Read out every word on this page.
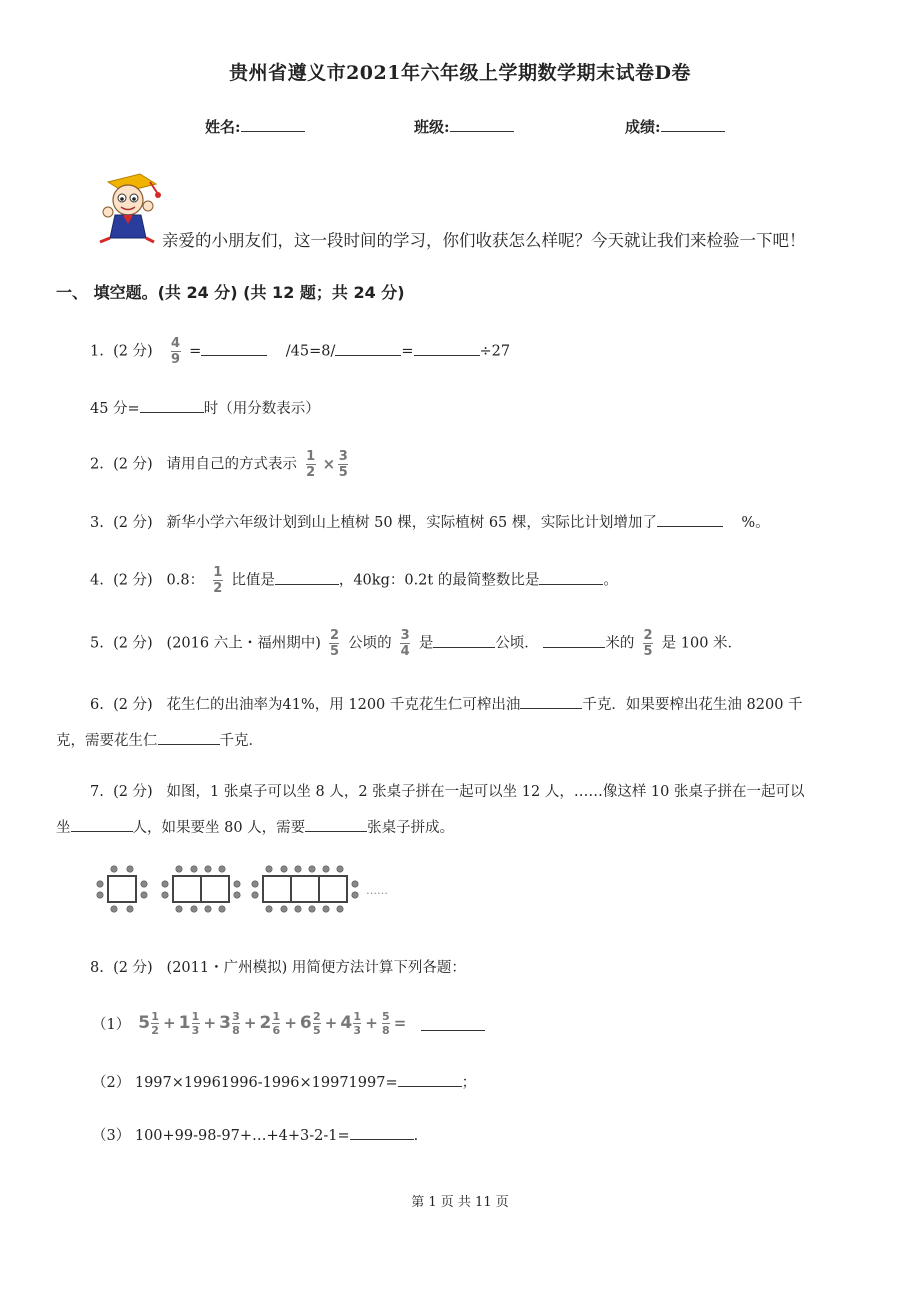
贵州省遵义市2021年六年级上学期数学期末试卷D卷
姓名:	班级:	成绩:
亲爱的小朋友们，这一段时间的学习，你们收获怎么样呢？今天就让我们来检验一下吧！
一、 填空题。(共 24 分) (共 12 题；共 24 分)
1. (2 分) $\frac{4}{9}$ =	/45=8/	=	÷27
45 分=	时（用分数表示）
2. (2 分) 请用自己的方式表示 $\frac{1}{2} \times \frac{3}{5}$
3. (2 分) 新华小学六年级计划到山上植树 50 棵，实际植树 65 棵，实际比计划增加了	%。
4. (2 分) 0.8： $\frac{1}{2}$ 比值是	，40kg：0.2t 的最简整数比是	。
5. (2 分) (2016 六上・福州期中) $\frac{2}{5}$ 公顷的 $\frac{3}{4}$ 是	公顷．	米的 $\frac{2}{5}$ 是 100 米．
6. (2 分) 花生仁的出油率为41%，用 1200 千克花生仁可榨出油	千克．如果要榨出花生油 8200 千
克，需要花生仁	千克．
7. (2 分) 如图，1 张桌子可以坐 8 人，2 张桌子拼在一起可以坐 12 人，……像这样 10 张桌子拼在一起可以
坐	人，如果要坐 80 人，需要	张桌子拼成。
……
8. (2 分) (2011・广州模拟) 用简便方法计算下列各题：
（1） $5 \frac{1}{2} + 1 \frac{1}{3} + 3 \frac{3}{8} + 2 \frac{1}{6} + 6 \frac{2}{5} + 4 \frac{1}{3} + \frac{5}{8}$ =
（2） 1997×19961996-1996×19971997=	；
（3） 100+99-98-97+…+4+3-2-1=	.
第 1 页 共 11 页
